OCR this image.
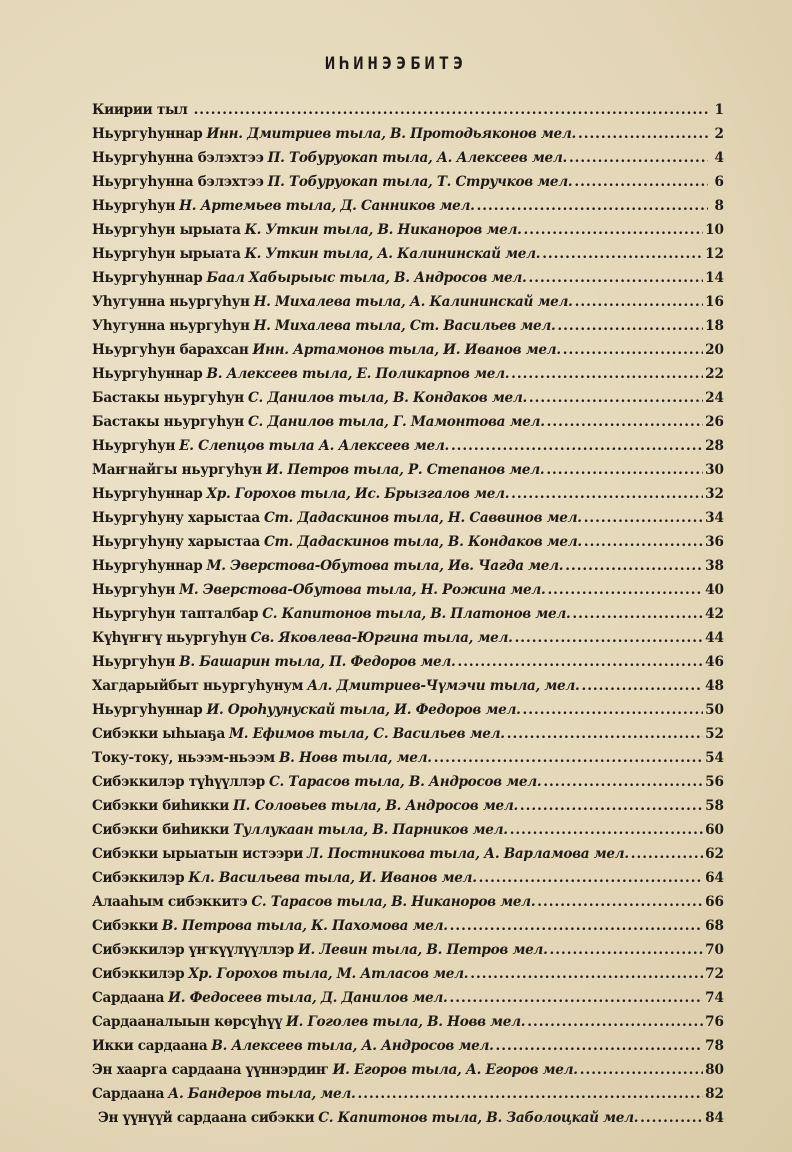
ИҺИНЭЭБИТЭ
Киирии тыл .....	1
Ньургуһуннар Инн. Дмитриев тыла, В. Протодьяконов мел. .....	2
Ньургуһунна бэлэхтээ П. Тобуруокап тыла, А. Алексеев мел. .....	4
Ньургуһунна бэлэхтээ П. Тобуруокап тыла, Т. Стручков мел. .....	6
Ньургуһун Н. Артемьев тыла, Д. Санников мел. .....	8
Ньургуһун ырыата К. Уткин тыла, В. Никаноров мел. .....	10
Ньургуһун ырыата К. Уткин тыла, А. Калининскай мел. .....	12
Ньургуһуннар Баал Хабырыыс тыла, В. Андросов мел. .....	14
Уһугунна ньургуһун Н. Михалева тыла, А. Калининскай мел. .....	16
Уһугунна ньургуһун Н. Михалева тыла, Ст. Васильев мел. .....	18
Ньургуһун барахсан Инн. Артамонов тыла, И. Иванов мел. .....	20
Ньургуһуннар В. Алексеев тыла, Е. Поликарпов мел. .....	22
Бастакы ньургуһун С. Данилов тыла, В. Кондаков мел. .....	24
Бастакы ньургуһун С. Данилов тыла, Г. Мамонтова мел. .....	26
Ньургуһун Е. Слепцов тыла А. Алексеев мел. .....	28
Маҥнайгы ньургуһун И. Петров тыла, Р. Степанов мел. .....	30
Ньургуһуннар Хр. Горохов тыла, Ис. Брызгалов мел. .....	32
Ньургуһуну харыстаа Ст. Дадаскинов тыла, Н. Саввинов мел. .....	34
Ньургуһуну харыстаа Ст. Дадаскинов тыла, В. Кондаков мел. .....	36
Ньургуһуннар М. Эверстова-Обутова тыла, Ив. Чагда мел. .....	38
Ньургуһун М. Эверстова-Обутова тыла, Н. Рожина мел. .....	40
Ньургуһун тапталбар С. Капитонов тыла, В. Платонов мел. .....	42
Күһүҥҥү ньургуһун Св. Яковлева-Юргина тыла, мел. .....	44
Ньургуһун В. Башарин тыла, П. Федоров мел. .....	46
Хагдарыйбыт ньургуһунум Ал. Дмитриев-Чүмэчи тыла, мел. .....	48
Ньургуһуннар И. Ороһуунускай тыла, И. Федоров мел. .....	50
Сибэкки ыһыаҕа М. Ефимов тыла, С. Васильев мел. .....	52
Току-току, ньээм-ньээм В. Новв тыла, мел. .....	54
Сибэккилэр түһүүллэр С. Тарасов тыла, В. Андросов мел. .....	56
Сибэкки биһикки П. Соловьев тыла, В. Андросов мел. .....	58
Сибэкки биһикки Туллукаан тыла, В. Парников мел. .....	60
Сибэкки ырыатын истээри Л. Постникова тыла, А. Варламова мел. .....	62
Сибэккилэр Кл. Васильева тыла, И. Иванов мел. .....	64
Алааһым сибэккитэ С. Тарасов тыла, В. Никаноров мел. .....	66
Сибэкки В. Петрова тыла, К. Пахомова мел. .....	68
Сибэккилэр үҥкүүлүүллэр И. Левин тыла, В. Петров мел. .....	70
Сибэккилэр Хр. Горохов тыла, М. Атласов мел. .....	72
Сардаана И. Федосеев тыла, Д. Данилов мел. .....	74
Сардааналыын көрсүһүү И. Гоголев тыла, В. Новв мел. .....	76
Икки сардаана В. Алексеев тыла, А. Андросов мел. .....	78
Эн хаарга сардаана үүннэрдиҥ И. Егоров тыла, А. Егоров мел. .....	80
Сардаана А. Бандеров тыла, мел. .....	82
Эн үүнүүй сардаана сибэкки С. Капитонов тыла, В. Заболоцкай мел. .....	84
